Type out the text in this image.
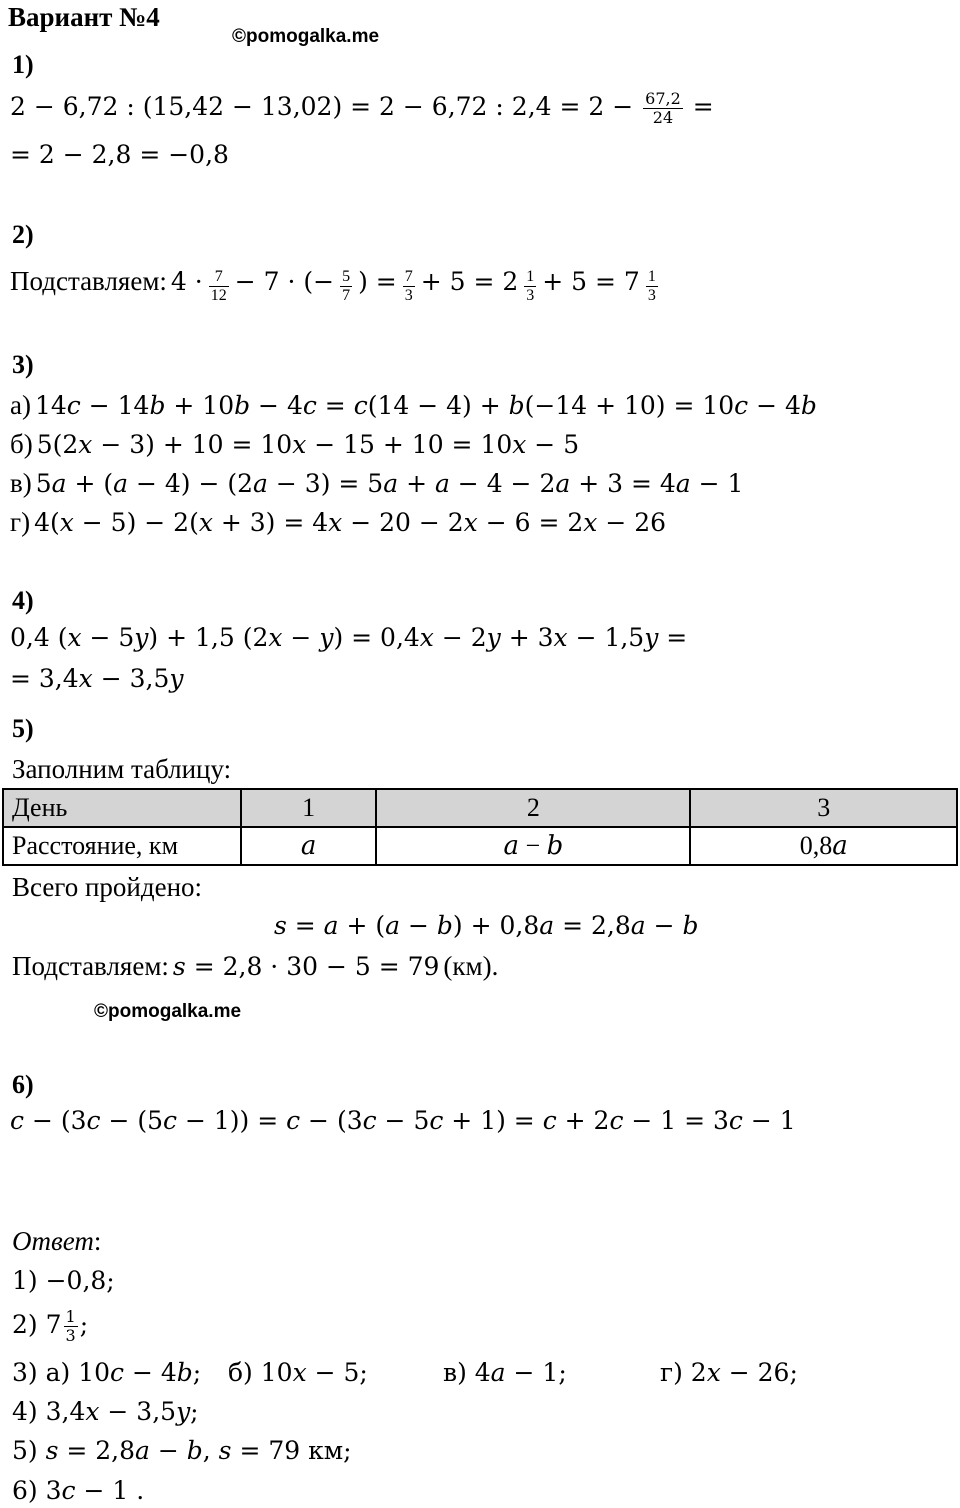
Вариант №4
©pomogalka.me
1)
2 − 6,72 : (15,42 − 13,02) = 2 − 6,72 : $2,4 = 2 - \frac{67,2}{24}$ =
= 2 − 2,8 = −0,8
2)
Подставляем: $4 \cdot \frac{7}{12} - 7$ · (− $\frac{5}{7}$ ) = $\frac{7}{3} + 5 = 2 \frac{1}{3} + 5 = 7 \frac{1}{3}$
3)
а) 14𝑐 − 14𝑏 + 10𝑏 − 4𝑐 = 𝑐(14 − 4) + 𝑏(−14 + 10) = 10𝑐 − 4𝑏
б) 5(2𝑥 − 3) + 10 = 10𝑥 − 15 + 10 = 10𝑥 − 5
в) 5𝑎 + (𝑎 − 4) − (2𝑎 − 3) = 5𝑎 + 𝑎 − 4 − 2𝑎 + 3 = 4𝑎 − 1
г) 4(𝑥 − 5) − 2(𝑥 + 3) = 4𝑥 − 20 − 2𝑥 − 6 = 2𝑥 − 26
4)
0,4 (𝑥 − 5𝑦) + 1,5 (2𝑥 − 𝑦) = 0,4𝑥 − 2𝑦 + 3𝑥 − 1,5𝑦 =
= 3,4𝑥 − 3,5𝑦
5)
Заполним таблицу:
День	1	2	3
Расстояние, км	𝑎	𝑎 − 𝑏	0,8𝑎
Всего пройдено:
𝑠 = 𝑎 + (𝑎 − 𝑏) + 0,8𝑎 = 2,8𝑎 − 𝑏
Подставляем: 𝑠 = 2,8 · 30 − 5 = 79 (км).
©pomogalka.me
6)
𝑐 − (3𝑐 − (5𝑐 − 1)) = 𝑐 − (3𝑐 − 5𝑐 + 1) = 𝑐 + 2𝑐 − 1 = 3𝑐 − 1
Ответ:
1) −0,8;
2) $7 \frac{1}{3}$ ;
3) а) 10𝑐 − 4𝑏; б) 10𝑥 − 5;	в) 4𝑎 − 1;	г) 2𝑥 − 26;
4) 3,4𝑥 − 3,5𝑦;
5) 𝑠 = 2,8𝑎 − 𝑏, 𝑠 = 79 км;
6) 3𝑐 − 1 .
